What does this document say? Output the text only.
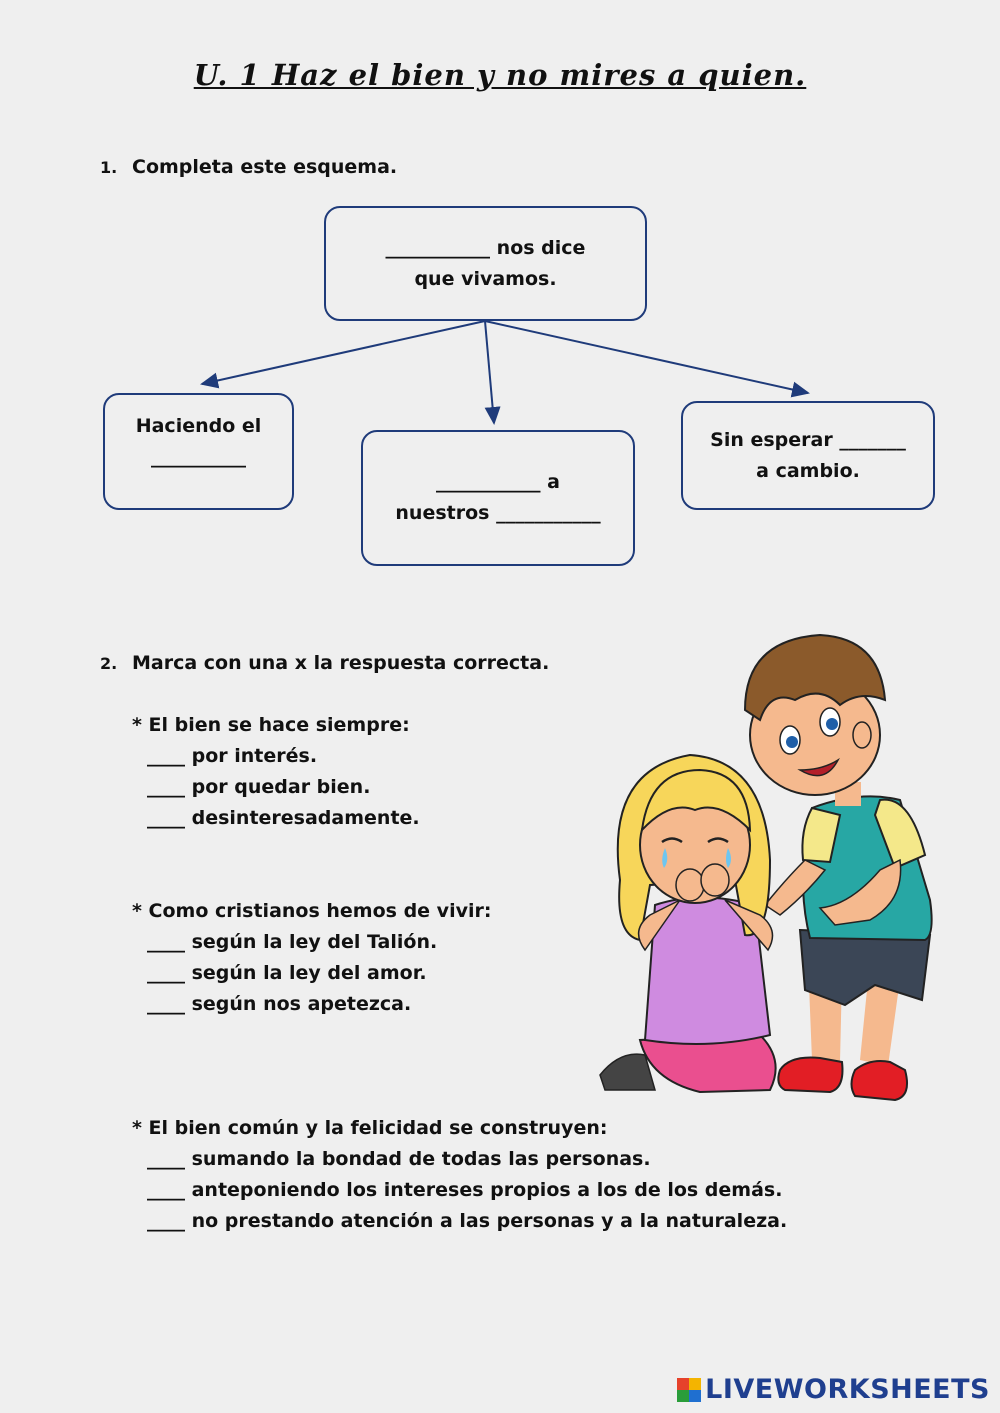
U. 1 Haz el bien y no mires a quien.
1. Completa este esquema.
___________ nos dice
que vivamos.
Haciendo el
__________
___________ a
nuestros ___________
Sin esperar _______
a cambio.
2. Marca con una x la respuesta correcta.
* El bien se hace siempre:
____ por interés.
____ por quedar bien.
____ desinteresadamente.
* Como cristianos hemos de vivir:
____ según la ley del Talión.
____ según la ley del amor.
____ según nos apetezca.
* El bien común y la felicidad se construyen:
____ sumando la bondad de todas las personas.
____ anteponiendo los intereses propios a los de los demás.
____ no prestando atención a las personas y a la naturaleza.
LIVEWORKSHEETS
